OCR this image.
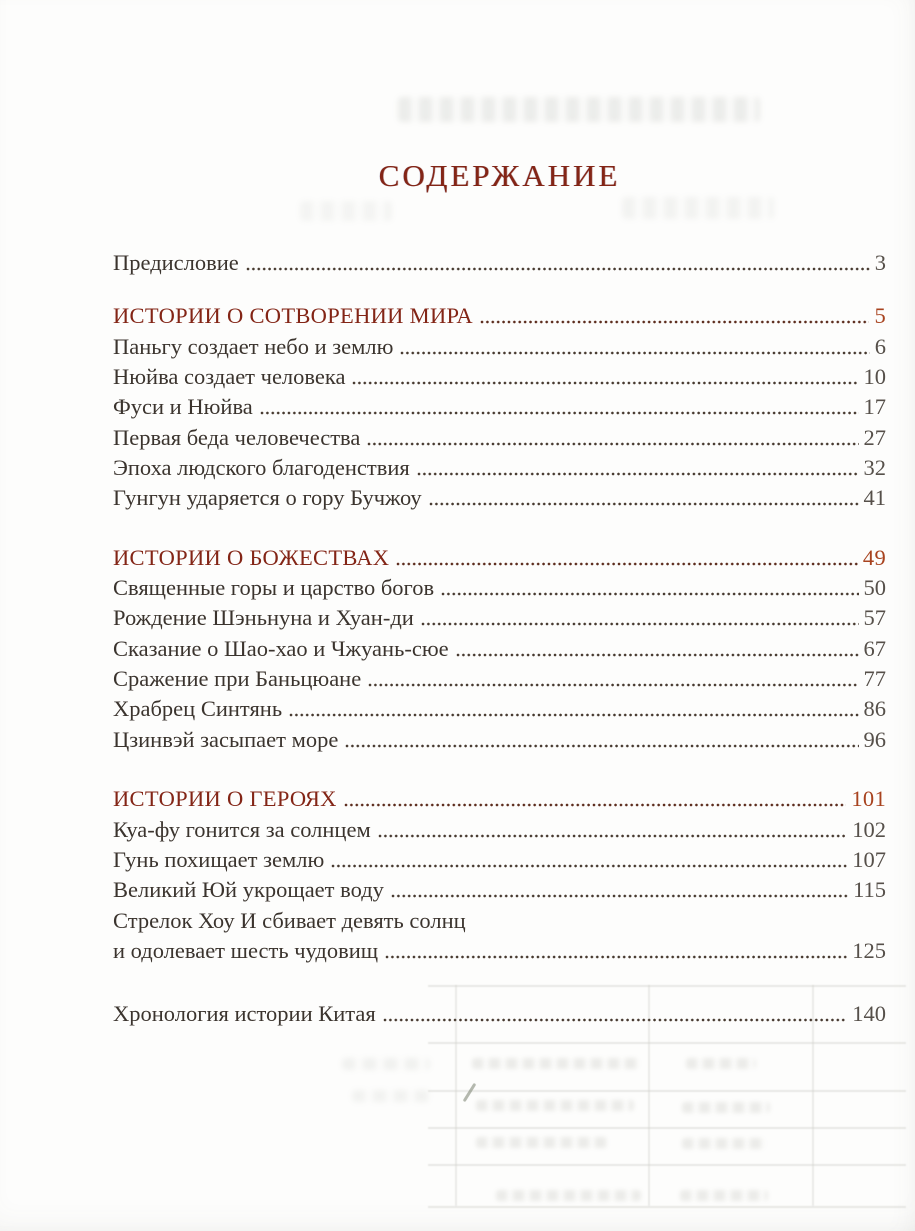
СОДЕРЖАНИЕ
Предисловие	3
ИСТОРИИ О СОТВОРЕНИИ МИРА	5
Паньгу создает небо и землю	6
Нюйва создает человека	10
Фуси и Нюйва	17
Первая беда человечества	27
Эпоха людского благоденствия	32
Гунгун ударяется о гору Бучжоу	41
ИСТОРИИ О БОЖЕСТВАХ	49
Священные горы и царство богов	50
Рождение Шэньнуна и Хуан-ди	57
Сказание о Шао-хао и Чжуань-сюе	67
Сражение при Баньцюане	77
Храбрец Синтянь	86
Цзинвэй засыпает море	96
ИСТОРИИ О ГЕРОЯХ	101
Куа-фу гонится за солнцем	102
Гунь похищает землю	107
Великий Юй укрощает воду	115
Стрелок Хоу И сбивает девять солнц
и одолевает шесть чудовищ	125
Хронология истории Китая	140
